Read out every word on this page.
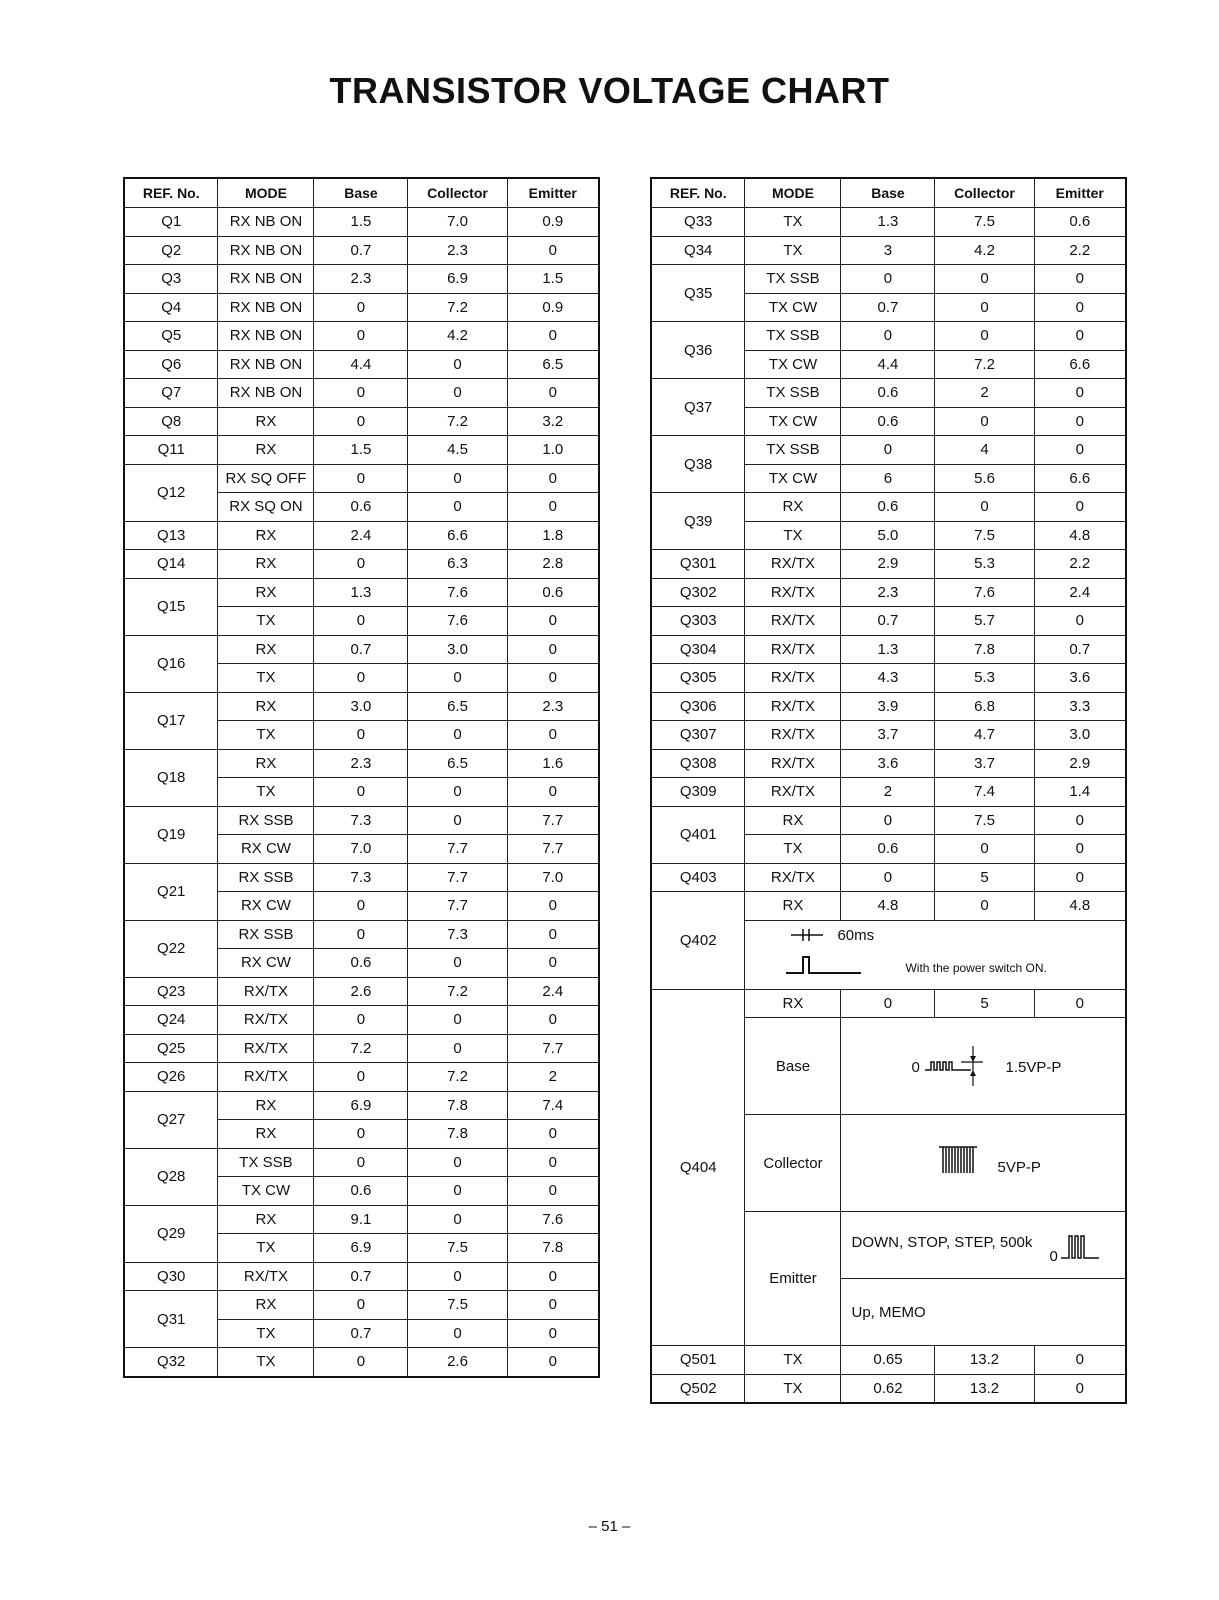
TRANSISTOR VOLTAGE CHART
REF. No.	MODE	Base	Collector	Emitter
Q1	RX NB ON	1.5	7.0	0.9
Q2	RX NB ON	0.7	2.3	0
Q3	RX NB ON	2.3	6.9	1.5
Q4	RX NB ON	0	7.2	0.9
Q5	RX NB ON	0	4.2	0
Q6	RX NB ON	4.4	0	6.5
Q7	RX NB ON	0	0	0
Q8	RX	0	7.2	3.2
Q11	RX	1.5	4.5	1.0
Q12	RX SQ OFF	0	0	0
	RX SQ ON	0.6	0	0
Q13	RX	2.4	6.6	1.8
Q14	RX	0	6.3	2.8
Q15	RX	1.3	7.6	0.6
	TX	0	7.6	0
Q16	RX	0.7	3.0	0
	TX	0	0	0
Q17	RX	3.0	6.5	2.3
	TX	0	0	0
Q18	RX	2.3	6.5	1.6
	TX	0	0	0
Q19	RX SSB	7.3	0	7.7
	RX CW	7.0	7.7	7.7
Q21	RX SSB	7.3	7.7	7.0
	RX CW	0	7.7	0
Q22	RX SSB	0	7.3	0
	RX CW	0.6	0	0
Q23	RX/TX	2.6	7.2	2.4
Q24	RX/TX	0	0	0
Q25	RX/TX	7.2	0	7.7
Q26	RX/TX	0	7.2	2
Q27	RX	6.9	7.8	7.4
	RX	0	7.8	0
Q28	TX SSB	0	0	0
	TX CW	0.6	0	0
Q29	RX	9.1	0	7.6
	TX	6.9	7.5	7.8
Q30	RX/TX	0.7	0	0
Q31	RX	0	7.5	0
	TX	0.7	0	0
Q32	TX	0	2.6	0
REF. No.	MODE	Base	Collector	Emitter
Q33	TX	1.3	7.5	0.6
Q34	TX	3	4.2	2.2
Q35	TX SSB	0	0	0
	TX CW	0.7	0	0
Q36	TX SSB	0	0	0
	TX CW	4.4	7.2	6.6
Q37	TX SSB	0.6	2	0
	TX CW	0.6	0	0
Q38	TX SSB	0	4	0
	TX CW	6	5.6	6.6
Q39	RX	0.6	0	0
	TX	5.0	7.5	4.8
Q301	RX/TX	2.9	5.3	2.2
Q302	RX/TX	2.3	7.6	2.4
Q303	RX/TX	0.7	5.7	0
Q304	RX/TX	1.3	7.8	0.7
Q305	RX/TX	4.3	5.3	3.6
Q306	RX/TX	3.9	6.8	3.3
Q307	RX/TX	3.7	4.7	3.0
Q308	RX/TX	3.6	3.7	2.9
Q309	RX/TX	2	7.4	1.4
Q401	RX	0	7.5	0
	TX	0.6	0	0
Q403	RX/TX	0	5	0
Q402	RX	4.8	0	4.8

	60ms
With the power switch ON.			

Q404	RX	0	5	0
	Base	0 1.5VP-P		

	Collector	5VP-P		

	Emitter	DOWN, STOP, STEP, 500k
0		

		Up, MEMO		
Q501	TX	0.65	13.2	0
Q502	TX	0.62	13.2	0
– 51 –
